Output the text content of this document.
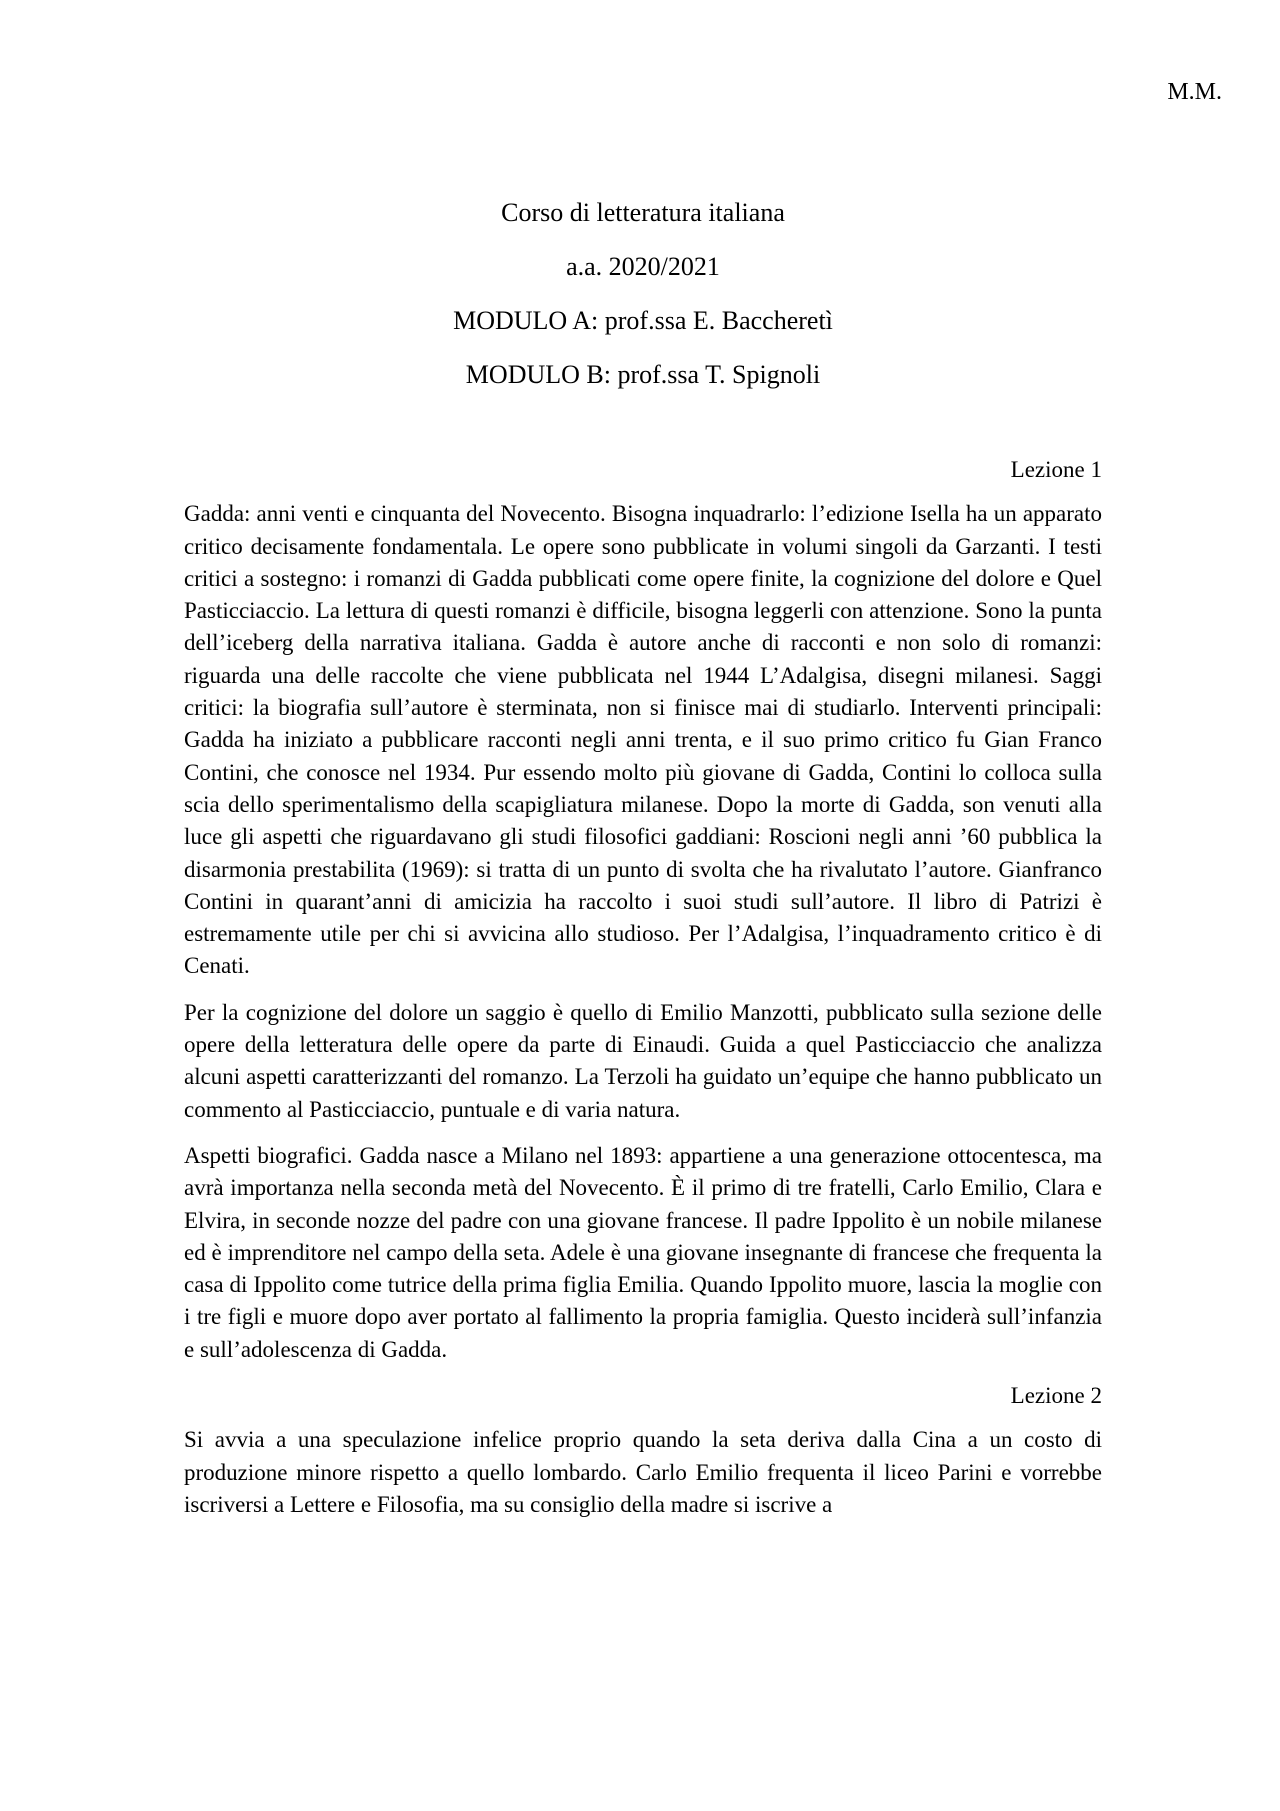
M.M.
Corso di letteratura italiana
a.a. 2020/2021
MODULO A: prof.ssa E. Baccheretì
MODULO B: prof.ssa T. Spignoli
Lezione 1

Gadda: anni venti e cinquanta del Novecento. Bisogna inquadrarlo: l’edizione Isella ha un apparato critico decisamente fondamentala. Le opere sono pubblicate in volumi singoli da Garzanti. I testi critici a sostegno: i romanzi di Gadda pubblicati come opere finite, la cognizione del dolore e Quel Pasticciaccio. La lettura di questi romanzi è difficile, bisogna leggerli con attenzione. Sono la punta dell’iceberg della narrativa italiana. Gadda è autore anche di racconti e non solo di romanzi: riguarda una delle raccolte che viene pubblicata nel 1944 L’Adalgisa, disegni milanesi. Saggi critici: la biografia sull’autore è sterminata, non si finisce mai di studiarlo. Interventi principali: Gadda ha iniziato a pubblicare racconti negli anni trenta, e il suo primo critico fu Gian Franco Contini, che conosce nel 1934. Pur essendo molto più giovane di Gadda, Contini lo colloca sulla scia dello sperimentalismo della scapigliatura milanese. Dopo la morte di Gadda, son venuti alla luce gli aspetti che riguardavano gli studi filosofici gaddiani: Roscioni negli anni ’60 pubblica la disarmonia prestabilita (1969): si tratta di un punto di svolta che ha rivalutato l’autore. Gianfranco Contini in quarant’anni di amicizia ha raccolto i suoi studi sull’autore. Il libro di Patrizi è estremamente utile per chi si avvicina allo studioso. Per l’Adalgisa, l’inquadramento critico è di Cenati.

Per la cognizione del dolore un saggio è quello di Emilio Manzotti, pubblicato sulla sezione delle opere della letteratura delle opere da parte di Einaudi. Guida a quel Pasticciaccio che analizza alcuni aspetti caratterizzanti del romanzo. La Terzoli ha guidato un’equipe che hanno pubblicato un commento al Pasticciaccio, puntuale e di varia natura.

Aspetti biografici. Gadda nasce a Milano nel 1893: appartiene a una generazione ottocentesca, ma avrà importanza nella seconda metà del Novecento. È il primo di tre fratelli, Carlo Emilio, Clara e Elvira, in seconde nozze del padre con una giovane francese. Il padre Ippolito è un nobile milanese ed è imprenditore nel campo della seta. Adele è una giovane insegnante di francese che frequenta la casa di Ippolito come tutrice della prima figlia Emilia. Quando Ippolito muore, lascia la moglie con i tre figli e muore dopo aver portato al fallimento la propria famiglia. Questo inciderà sull’infanzia e sull’adolescenza di Gadda.

Lezione 2

Si avvia a una speculazione infelice proprio quando la seta deriva dalla Cina a un costo di produzione minore rispetto a quello lombardo. Carlo Emilio frequenta il liceo Parini e vorrebbe iscriversi a Lettere e Filosofia, ma su consiglio della madre si iscrive a
